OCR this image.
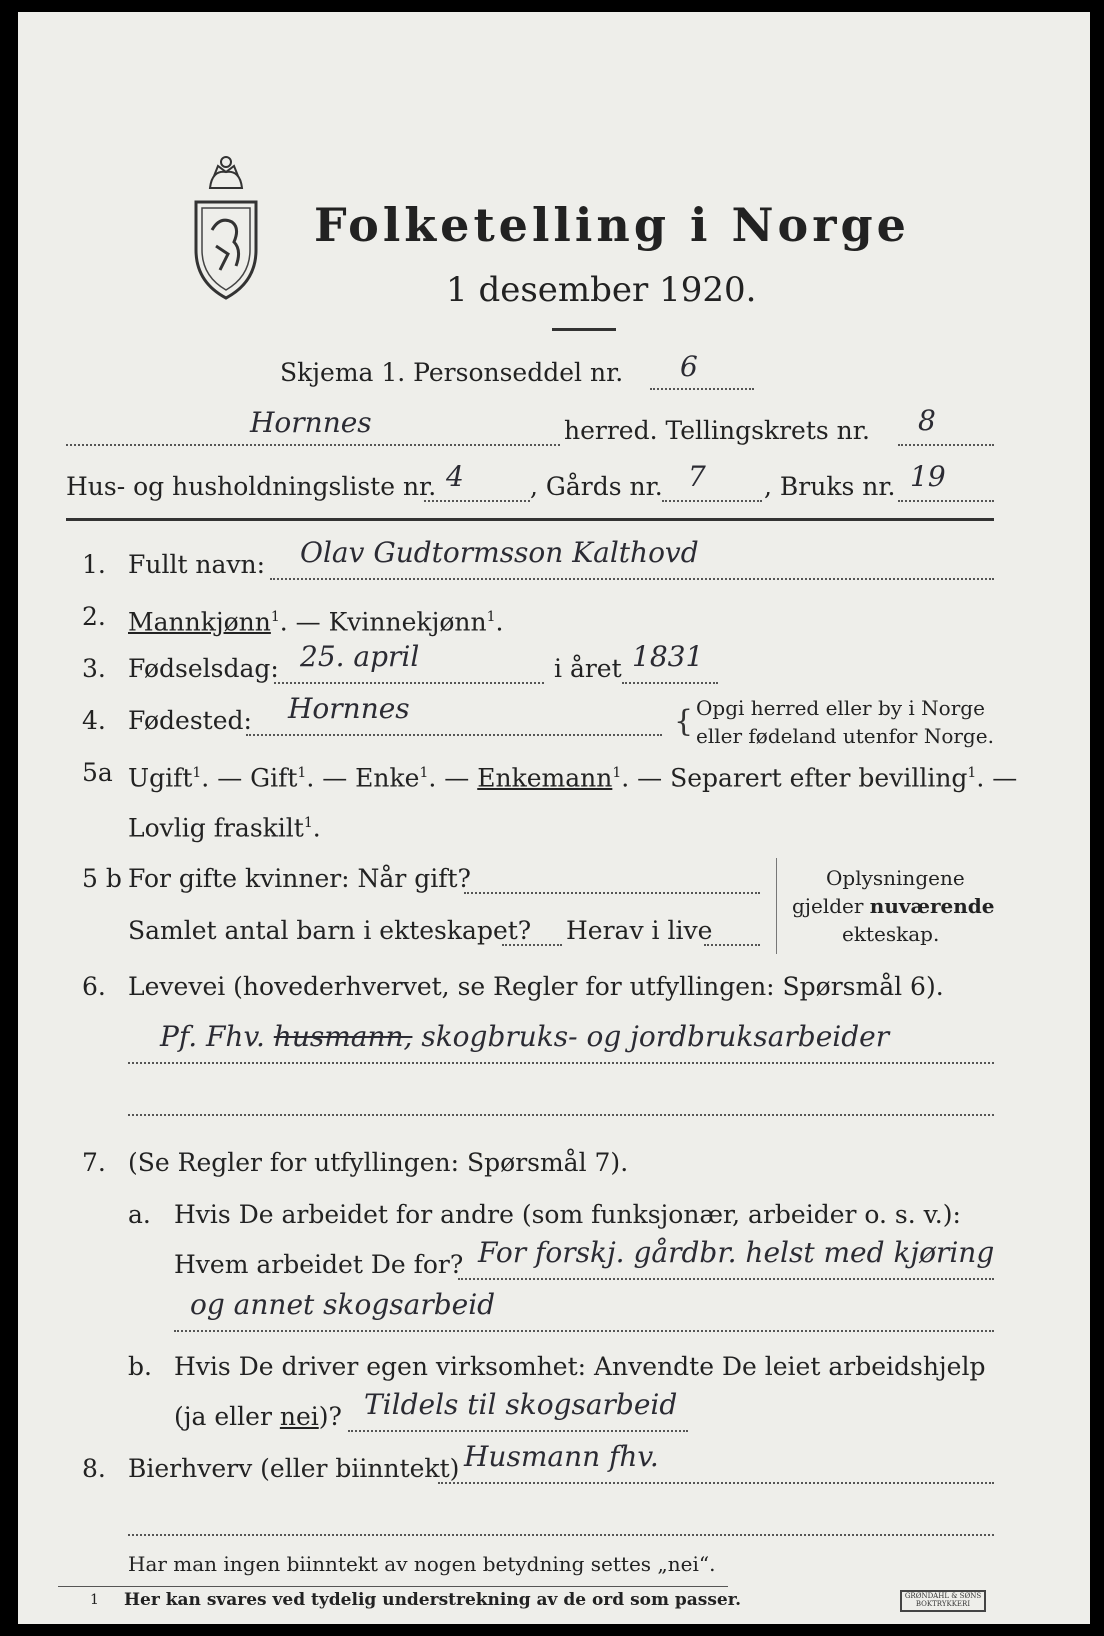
Folketelling i Norge
1 desember 1920.
Skjema 1. Personseddel nr. 6
Hornnes	herred. Tellingskrets nr. 8
Hus- og husholdningsliste nr. 4	, Gårds nr. 7 , Bruks nr. 19
1. Fullt navn: Olav Gudtormsson Kalthovd
2. Mannkjønn$^1$. — Kvinnekjønn$^1$.
3. Fødselsdag: 25. april	i året 1831
4. Fødested: Hornnes	{ Opgi herred eller by i Norge
eller fødeland utenfor Norge.
5a Ugift$^1$. — Gift$^1$. — Enke$^1$. — Enkemann$^1$. — Separert efter bevilling$^1$. —
Lovlig fraskilt$^1$.
5 b For gifte kvinner: Når gift?
Samlet antal barn i ekteskapet? Herav i live
Oplysningene
gjelder nuværende
ekteskap.
6. Levevei (hovederhvervet, se Regler for utfyllingen: Spørsmål 6).
Pf. Fhv. husmann, skogbruks- og jordbruksarbeider
7. (Se Regler for utfyllingen: Spørsmål 7).
a. Hvis De arbeidet for andre (som funksjonær, arbeider o. s. v.):
Hvem arbeidet De for? For forskj. gårdbr. helst med kjøring
og annet skogsarbeid
b. Hvis De driver egen virksomhet: Anvendte De leiet arbeidshjelp
(ja eller nei)? Tildels til skogsarbeid
8. Bierhverv (eller biinntekt) Husmann fhv.
Har man ingen biinntekt av nogen betydning settes „nei“.
1 Her kan svares ved tydelig understrekning av de ord som passer.	GRØNDAHL & SØNS BOKTRYKKERI
